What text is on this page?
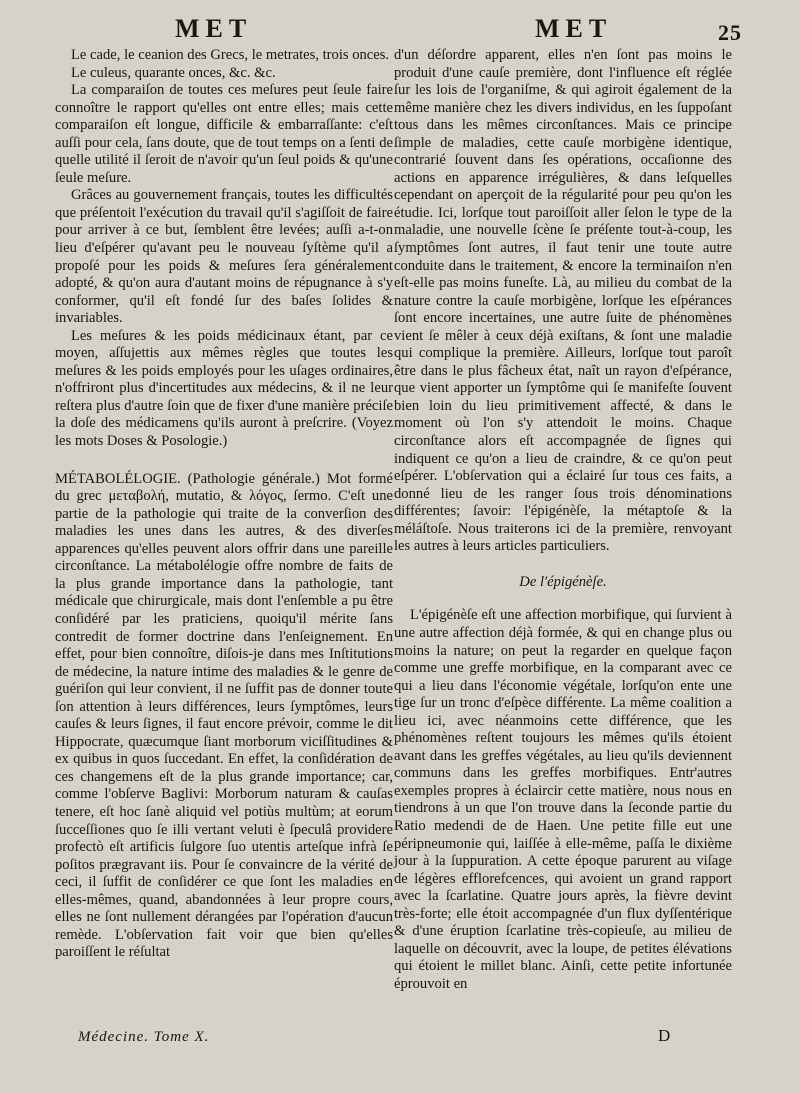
MET	MET	25

Le cade, le ceanion des Grecs, le metrates, trois onces.

Le culeus, quarante onces, &c. &c.

La comparaiſon de toutes ces meſures peut ſeule faire connoître le rapport qu'elles ont entre elles; mais cette comparaiſon eſt longue, difficile & embarraſſante: c'eſt auſſi pour cela, ſans doute, que de tout temps on a ſenti de quelle utilité il ſeroit de n'avoir qu'un ſeul poids & qu'une ſeule meſure.

Grâces au gouvernement français, toutes les difficultés que préſentoit l'exécution du travail qu'il s'agiſſoit de faire pour arriver à ce but, ſemblent être levées; auſſi a-t-on lieu d'eſpérer qu'avant peu le nouveau ſyſtème qu'il a propoſé pour les poids & meſures ſera généralement adopté, & qu'on aura d'autant moins de répugnance à s'y conformer, qu'il eſt fondé ſur des baſes ſolides & invariables.

Les meſures & les poids médicinaux étant, par ce moyen, aſſujettis aux mêmes règles que toutes les meſures & les poids employés pour les uſages ordinaires, n'offriront plus d'incertitudes aux médecins, & il ne leur reſtera plus d'autre ſoin que de fixer d'une manière préciſe la doſe des médicamens qu'ils auront à preſcrire. (Voyez les mots Doses & Posologie.)

MÉTABOLÉLOGIE. (Pathologie générale.) Mot formé du grec μεταβολή, mutatio, & λόγος, ſermo. C'eſt une partie de la pathologie qui traite de la converſion des maladies les unes dans les autres, & des diverſes apparences qu'elles peuvent alors offrir dans une pareille circonſtance. La métabolélogie offre nombre de faits de la plus grande importance dans la pathologie, tant médicale que chirurgicale, mais dont l'enſemble a pu être conſidéré par les praticiens, quoiqu'il mérite ſans contredit de former doctrine dans l'enſeignement. En effet, pour bien connoître, diſois-je dans mes Inſtitutions de médecine, la nature intime des maladies & le genre de guériſon qui leur convient, il ne ſuffit pas de donner toute ſon attention à leurs différences, leurs ſymptômes, leurs cauſes & leurs ſignes, il faut encore prévoir, comme le dit Hippocrate, quæcumque ſiant morborum viciſſitudines & ex quibus in quos ſuccedant. En effet, la conſidération de ces changemens eſt de la plus grande importance; car, comme l'obſerve Baglivi: Morborum naturam & cauſas tenere, eſt hoc ſanè aliquid vel potiùs multùm; at eorum ſucceſſiones quo ſe illi vertant veluti è ſpeculâ providere profectò eſt artificis ſulgore ſuo utentis arteſque infrà ſe poſitos prægravant iis. Pour ſe convaincre de la vérité de ceci, il ſuffit de conſidérer ce que ſont les maladies en elles-mêmes, quand, abandonnées à leur propre cours, elles ne ſont nullement dérangées par l'opération d'aucun remède. L'obſervation fait voir que bien qu'elles paroiſſent le réſultat

d'un déſordre apparent, elles n'en ſont pas moins le produit d'une cauſe première, dont l'influence eſt réglée ſur les lois de l'organiſme, & qui agiroit également de la même manière chez les divers individus, en les ſuppoſant tous dans les mêmes circonſtances. Mais ce principe ſimple de maladies, cette cauſe morbigène identique, contrarié ſouvent dans ſes opérations, occaſionne des actions en apparence irrégulières, & dans leſquelles cependant on aperçoit de la régularité pour peu qu'on les étudie. Ici, lorſque tout paroiſſoit aller ſelon le type de la maladie, une nouvelle ſcène ſe préſente tout-à-coup, les ſymptômes ſont autres, il faut tenir une toute autre conduite dans le traitement, & encore la terminaiſon n'en eſt-elle pas moins funeſte. Là, au milieu du combat de la nature contre la cauſe morbigène, lorſque les eſpérances ſont encore incertaines, une autre ſuite de phénomènes vient ſe mêler à ceux déjà exiſtans, & ſont une maladie qui complique la première. Ailleurs, lorſque tout paroît être dans le plus fâcheux état, naît un rayon d'eſpérance, que vient apporter un ſymptôme qui ſe manifeſte ſouvent bien loin du lieu primitivement affecté, & dans le moment où l'on s'y attendoit le moins. Chaque circonſtance alors eſt accompagnée de ſignes qui indiquent ce qu'on a lieu de craindre, & ce qu'on peut eſpérer. L'obſervation qui a éclairé ſur tous ces faits, a donné lieu de les ranger ſous trois dénominations différentes; ſavoir: l'épigénèſe, la métaptoſe & la méláſtoſe. Nous traiterons ici de la première, renvoyant les autres à leurs articles particuliers.

De l'épigénèſe.

L'épigénèſe eſt une affection morbifique, qui ſurvient à une autre affection déjà formée, & qui en change plus ou moins la nature; on peut la regarder en quelque façon comme une greffe morbifique, en la comparant avec ce qui a lieu dans l'économie végétale, lorſqu'on ente une tige ſur un tronc d'eſpèce différente. La même coalition a lieu ici, avec néanmoins cette différence, que les phénomènes reſtent toujours les mêmes qu'ils étoient avant dans les greffes végétales, au lieu qu'ils deviennent communs dans les greffes morbifiques. Entr'autres exemples propres à éclaircir cette matière, nous nous en tiendrons à un que l'on trouve dans la ſeconde partie du Ratio medendi de de Haen. Une petite fille eut une péripneumonie qui, laiſſée à elle-même, paſſa le dixième jour à la ſuppuration. A cette époque parurent au viſage de légères efflorefcences, qui avoient un grand rapport avec la ſcarlatine. Quatre jours après, la fièvre devint très-forte; elle étoit accompagnée d'un flux dyſſentérique & d'une éruption ſcarlatine très-copieuſe, au milieu de laquelle on découvrit, avec la loupe, de petites élévations qui étoient le millet blanc. Ainſi, cette petite infortunée éprouvoit en

Médecine. Tome X.	D
